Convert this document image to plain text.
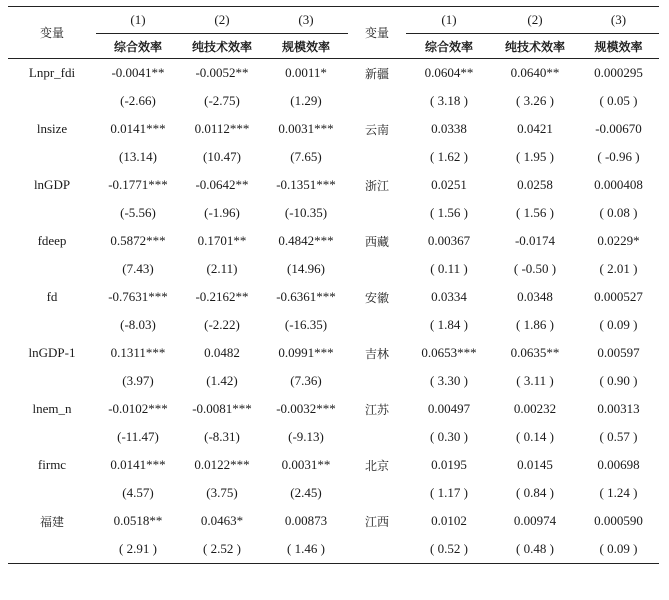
变量	(1)	(2)	(3)	变量	(1)	(2)	(3)
	综合效率	纯技术效率	规模效率		综合效率	纯技术效率	规模效率
Lnpr_fdi	-0.0041**	-0.0052**	0.0011*	新疆	0.0604**	0.0640**	0.000295
	(-2.66)	(-2.75)	(1.29)		( 3.18 )	( 3.26 )	( 0.05 )
lnsize	0.0141***	0.0112***	0.0031***	云南	0.0338	0.0421	-0.00670
	(13.14)	(10.47)	(7.65)		( 1.62 )	( 1.95 )	( -0.96 )
lnGDP	-0.1771***	-0.0642**	-0.1351***	浙江	0.0251	0.0258	0.000408
	(-5.56)	(-1.96)	(-10.35)		( 1.56 )	( 1.56 )	( 0.08 )
fdeep	0.5872***	0.1701**	0.4842***	西藏	0.00367	-0.0174	0.0229*
	(7.43)	(2.11)	(14.96)		( 0.11 )	( -0.50 )	( 2.01 )
fd	-0.7631***	-0.2162**	-0.6361***	安徽	0.0334	0.0348	0.000527
	(-8.03)	(-2.22)	(-16.35)		( 1.84 )	( 1.86 )	( 0.09 )
lnGDP-1	0.1311***	0.0482	0.0991***	吉林	0.0653***	0.0635**	0.00597
	(3.97)	(1.42)	(7.36)		( 3.30 )	( 3.11 )	( 0.90 )
lnem_n	-0.0102***	-0.0081***	-0.0032***	江苏	0.00497	0.00232	0.00313
	(-11.47)	(-8.31)	(-9.13)		( 0.30 )	( 0.14 )	( 0.57 )
firmc	0.0141***	0.0122***	0.0031**	北京	0.0195	0.0145	0.00698
	(4.57)	(3.75)	(2.45)		( 1.17 )	( 0.84 )	( 1.24 )
福建	0.0518**	0.0463*	0.00873	江西	0.0102	0.00974	0.000590
	( 2.91 )	( 2.52 )	( 1.46 )		( 0.52 )	( 0.48 )	( 0.09 )
